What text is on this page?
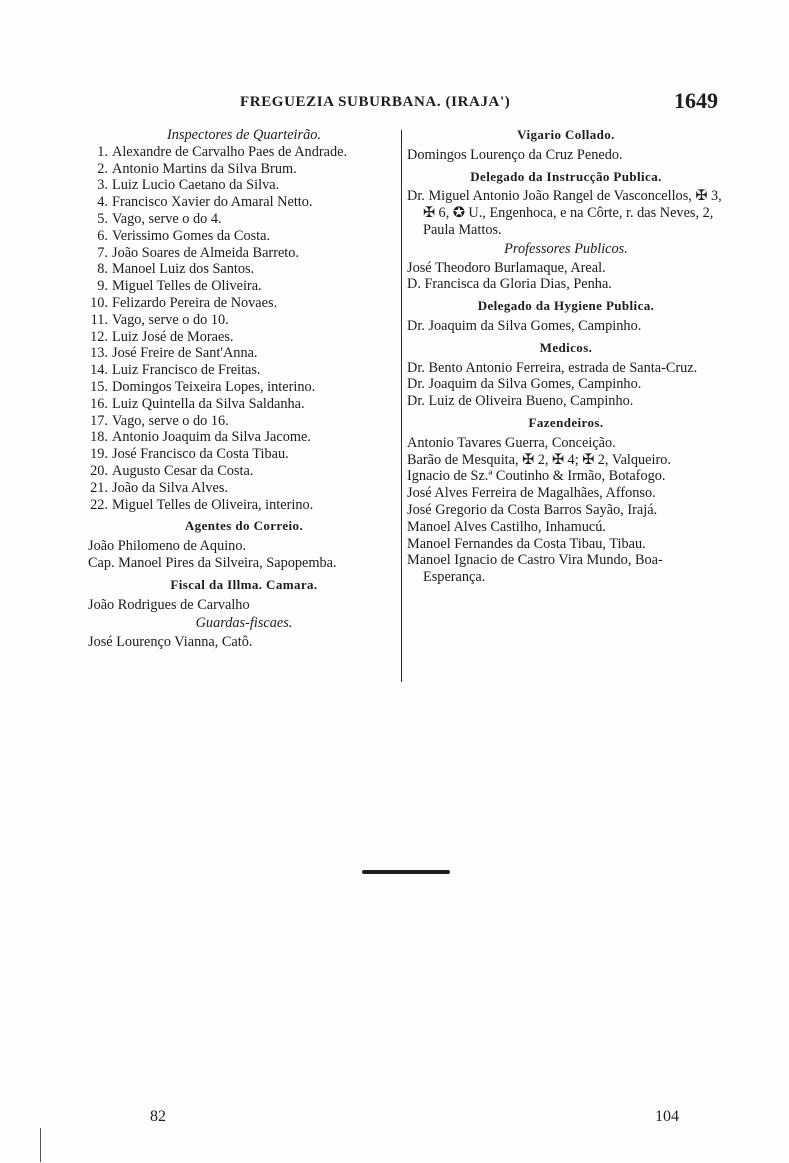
FREGUEZIA SUBURBANA. (IRAJA')	1649
Inspectores de Quarteirão.
1. Alexandre de Carvalho Paes de Andrade.
2. Antonio Martins da Silva Brum.
3. Luiz Lucio Caetano da Silva.
4. Francisco Xavier do Amaral Netto.
5. Vago, serve o do 4.
6. Verissimo Gomes da Costa.
7. João Soares de Almeida Barreto.
8. Manoel Luiz dos Santos.
9. Miguel Telles de Oliveira.
10. Felizardo Pereira de Novaes.
11. Vago, serve o do 10.
12. Luiz José de Moraes.
13. José Freire de Sant'Anna.
14. Luiz Francisco de Freitas.
15. Domingos Teixeira Lopes, interino.
16. Luiz Quintella da Silva Saldanha.
17. Vago, serve o do 16.
18. Antonio Joaquim da Silva Jacome.
19. José Francisco da Costa Tibau.
20. Augusto Cesar da Costa.
21. João da Silva Alves.
22. Miguel Telles de Oliveira, interino.
Agentes do Correio.
João Philomeno de Aquino.
Cap. Manoel Pires da Silveira, Sapopemba.
Fiscal da Illma. Camara.
João Rodrigues de Carvalho
Guardas-fiscaes.
José Lourenço Vianna, Catô.
Vigario Collado.
Domingos Lourenço da Cruz Penedo.
Delegado da Instrucção Publica.
Dr. Miguel Antonio João Rangel de Vasconcellos, ✠ 3, ✠ 6, ✪ U., Engenhoca, e na Côrte, r. das Neves, 2, Paula Mattos.
Professores Publicos.
José Theodoro Burlamaque, Areal.
D. Francisca da Gloria Dias, Penha.
Delegado da Hygiene Publica.
Dr. Joaquim da Silva Gomes, Campinho.
Medicos.
Dr. Bento Antonio Ferreira, estrada de Santa-Cruz.
Dr. Joaquim da Silva Gomes, Campinho.
Dr. Luiz de Oliveira Bueno, Campinho.
Fazendeiros.
Antonio Tavares Guerra, Conceição.
Barão de Mesquita, ✠ 2, ✠ 4; ✠ 2, Valqueiro.
Ignacio de Sz.ª Coutinho & Irmão, Botafogo.
José Alves Ferreira de Magalhães, Affonso.
José Gregorio da Costa Barros Sayão, Irajá.
Manoel Alves Castilho, Inhamucú.
Manoel Fernandes da Costa Tibau, Tibau.
Manoel Ignacio de Castro Vira Mundo, Boa-Esperança.
82	104
